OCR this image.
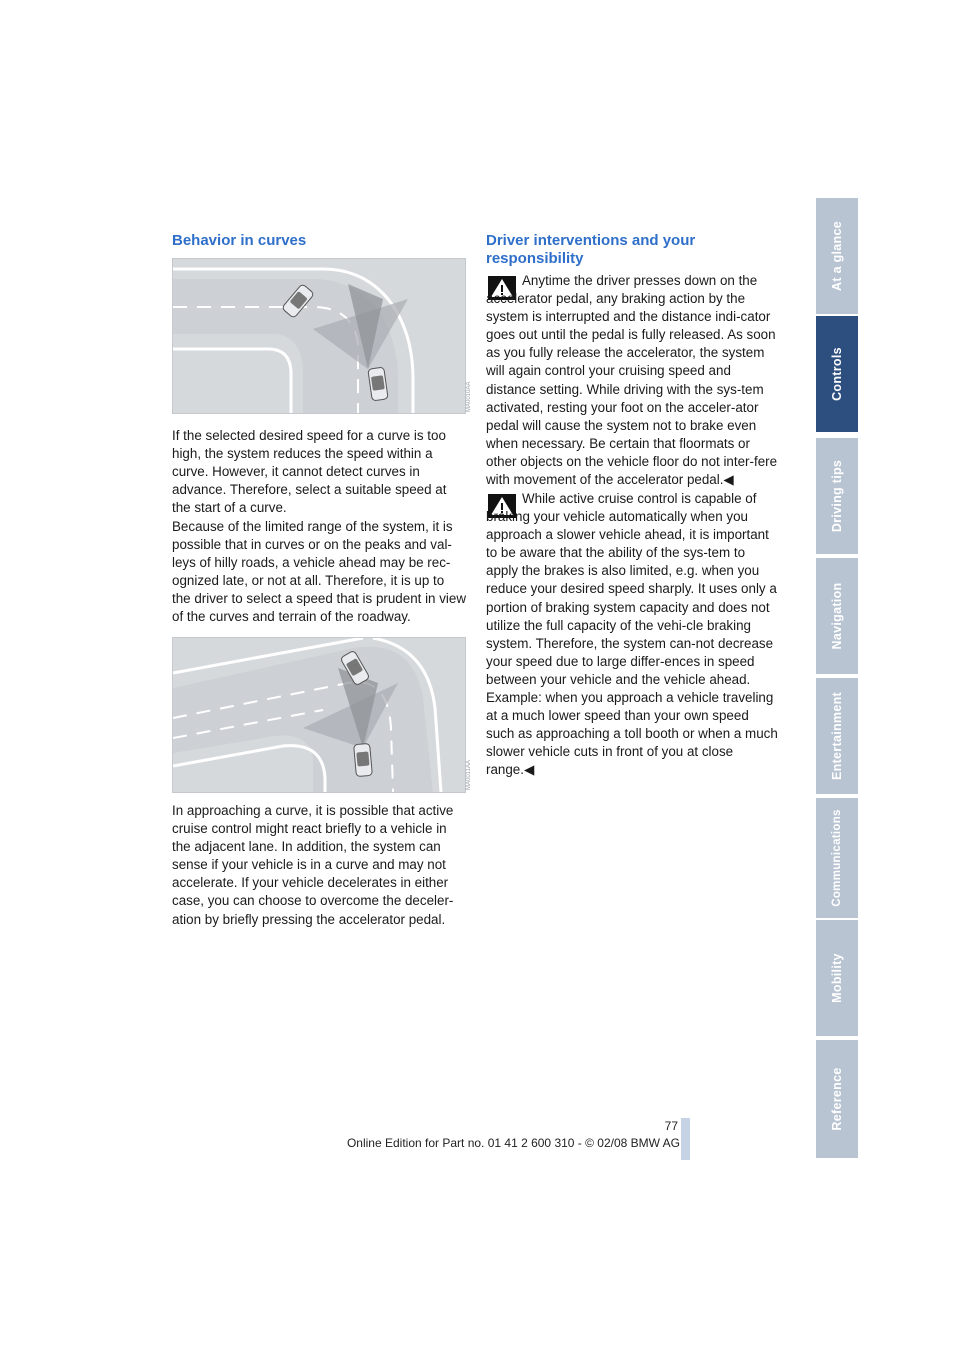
Behavior in curves
MA0010AA

If the selected desired speed for a curve is too high, the system reduces the speed within a curve. However, it cannot detect curves in advance. Therefore, select a suitable speed at the start of a curve.

Because of the limited range of the system, it is possible that in curves or on the peaks and val-leys of hilly roads, a vehicle ahead may be rec-ognized late, or not at all. Therefore, it is up to the driver to select a speed that is prudent in view of the curves and terrain of the roadway.

MA0011AA

In approaching a curve, it is possible that active cruise control might react briefly to a vehicle in the adjacent lane. In addition, the system can sense if your vehicle is in a curve and may not accelerate. If your vehicle decelerates in either case, you can choose to overcome the deceler-ation by briefly pressing the accelerator pedal.

Driver interventions and your responsibility

Anytime the driver presses down on the accelerator pedal, any braking action by the system is interrupted and the distance indi-cator goes out until the pedal is fully released. As soon as you fully release the accelerator, the system will again control your cruising speed and distance setting. While driving with the sys-tem activated, resting your foot on the acceler-ator pedal will cause the system not to brake even when necessary. Be certain that floormats or other objects on the vehicle floor do not inter-fere with movement of the accelerator pedal.◀

While active cruise control is capable of braking your vehicle automatically when you approach a slower vehicle ahead, it is important to be aware that the ability of the sys-tem to apply the brakes is also limited, e.g. when you reduce your desired speed sharply. It uses only a portion of braking system capacity and does not utilize the full capacity of the vehi-cle braking system. Therefore, the system can-not decrease your speed due to large differ-ences in speed between your vehicle and the vehicle ahead. Example: when you approach a vehicle traveling at a much lower speed than your own speed such as approaching a toll booth or when a much slower vehicle cuts in front of you at close range.◀

At a glance
Controls
Driving tips
Navigation
Entertainment
Communications
Mobility
Reference
77
Online Edition for Part no. 01 41 2 600 310 - © 02/08 BMW AG
